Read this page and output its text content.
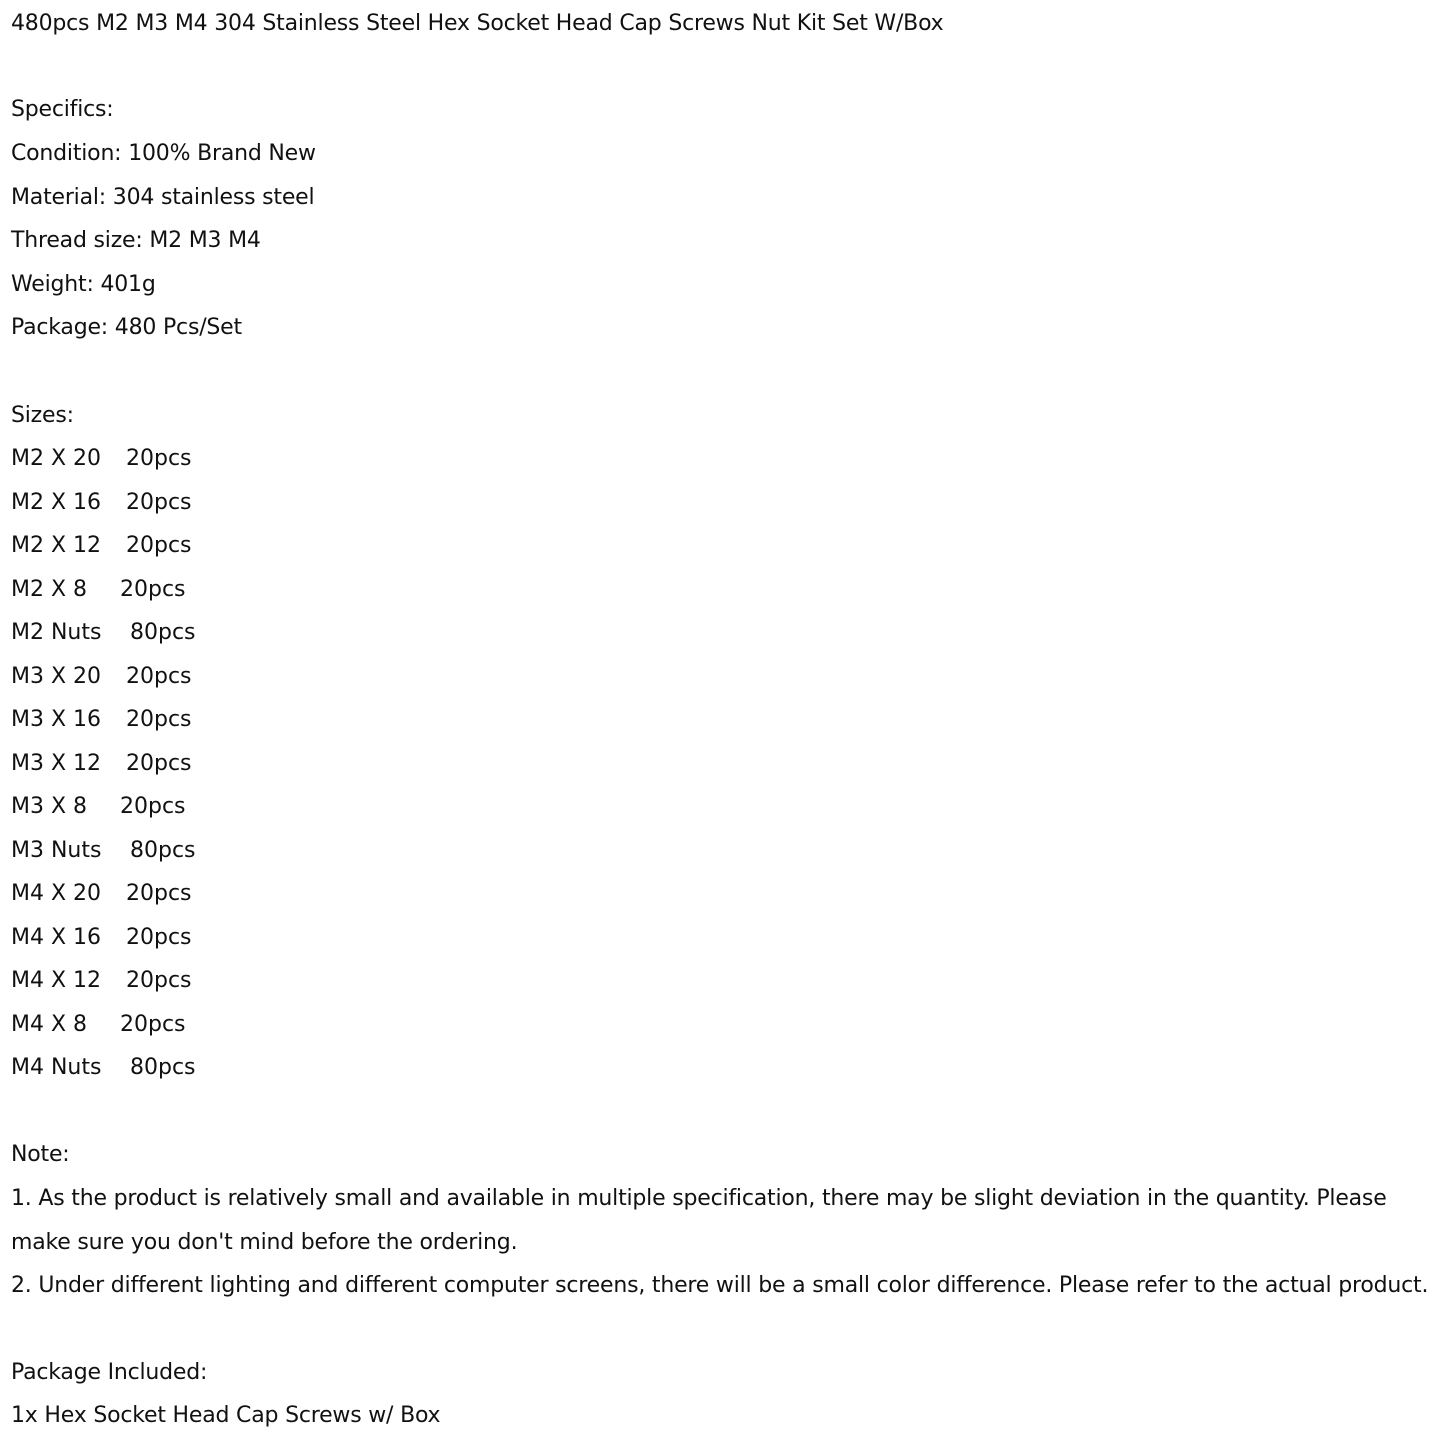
480pcs M2 M3 M4 304 Stainless Steel Hex Socket Head Cap Screws Nut Kit Set W/Box
Specifics:
Condition: 100% Brand New
Material: 304 stainless steel
Thread size: M2 M3 M4
Weight: 401g
Package: 480 Pcs/Set
Sizes:
M2 X 20 20pcs
M2 X 16 20pcs
M2 X 12 20pcs
M2 X 8 20pcs
M2 Nuts 80pcs
M3 X 20 20pcs
M3 X 16 20pcs
M3 X 12 20pcs
M3 X 8 20pcs
M3 Nuts 80pcs
M4 X 20 20pcs
M4 X 16 20pcs
M4 X 12 20pcs
M4 X 8 20pcs
M4 Nuts 80pcs
Note:
1. As the product is relatively small and available in multiple specification, there may be slight deviation in the quantity. Please
make sure you don't mind before the ordering.
2. Under different lighting and different computer screens, there will be a small color difference. Please refer to the actual product.
Package Included:
1x Hex Socket Head Cap Screws w/ Box
